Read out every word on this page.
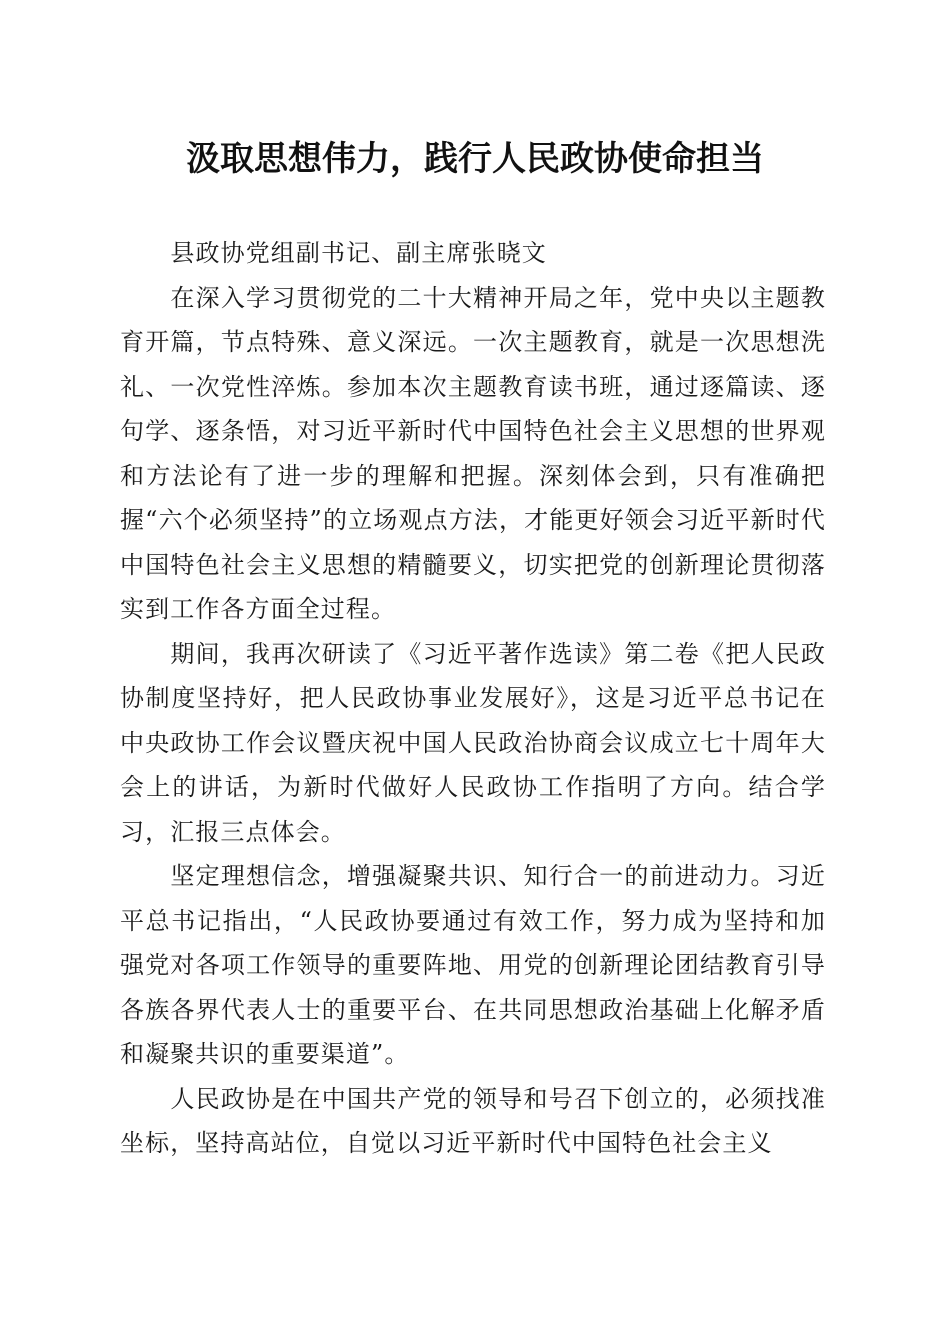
汲取思想伟力，践行人民政协使命担当

县政协党组副书记、副主席张晓文

在深入学习贯彻党的二十大精神开局之年，党中央以主题教育开篇，节点特殊、意义深远。一次主题教育，就是一次思想洗礼、一次党性淬炼。参加本次主题教育读书班，通过逐篇读、逐句学、逐条悟，对习近平新时代中国特色社会主义思想的世界观和方法论有了进一步的理解和把握。深刻体会到，只有准确把握“六个必须坚持”的立场观点方法，才能更好领会习近平新时代中国特色社会主义思想的精髓要义，切实把党的创新理论贯彻落实到工作各方面全过程。

期间，我再次研读了《习近平著作选读》第二卷《把人民政协制度坚持好，把人民政协事业发展好》，这是习近平总书记在中央政协工作会议暨庆祝中国人民政治协商会议成立七十周年大会上的讲话，为新时代做好人民政协工作指明了方向。结合学习，汇报三点体会。

坚定理想信念，增强凝聚共识、知行合一的前进动力。习近平总书记指出，“人民政协要通过有效工作，努力成为坚持和加强党对各项工作领导的重要阵地、用党的创新理论团结教育引导各族各界代表人士的重要平台、在共同思想政治基础上化解矛盾和凝聚共识的重要渠道”。

人民政协是在中国共产党的领导和号召下创立的，必须找准坐标，坚持高站位，自觉以习近平新时代中国特色社会主义
